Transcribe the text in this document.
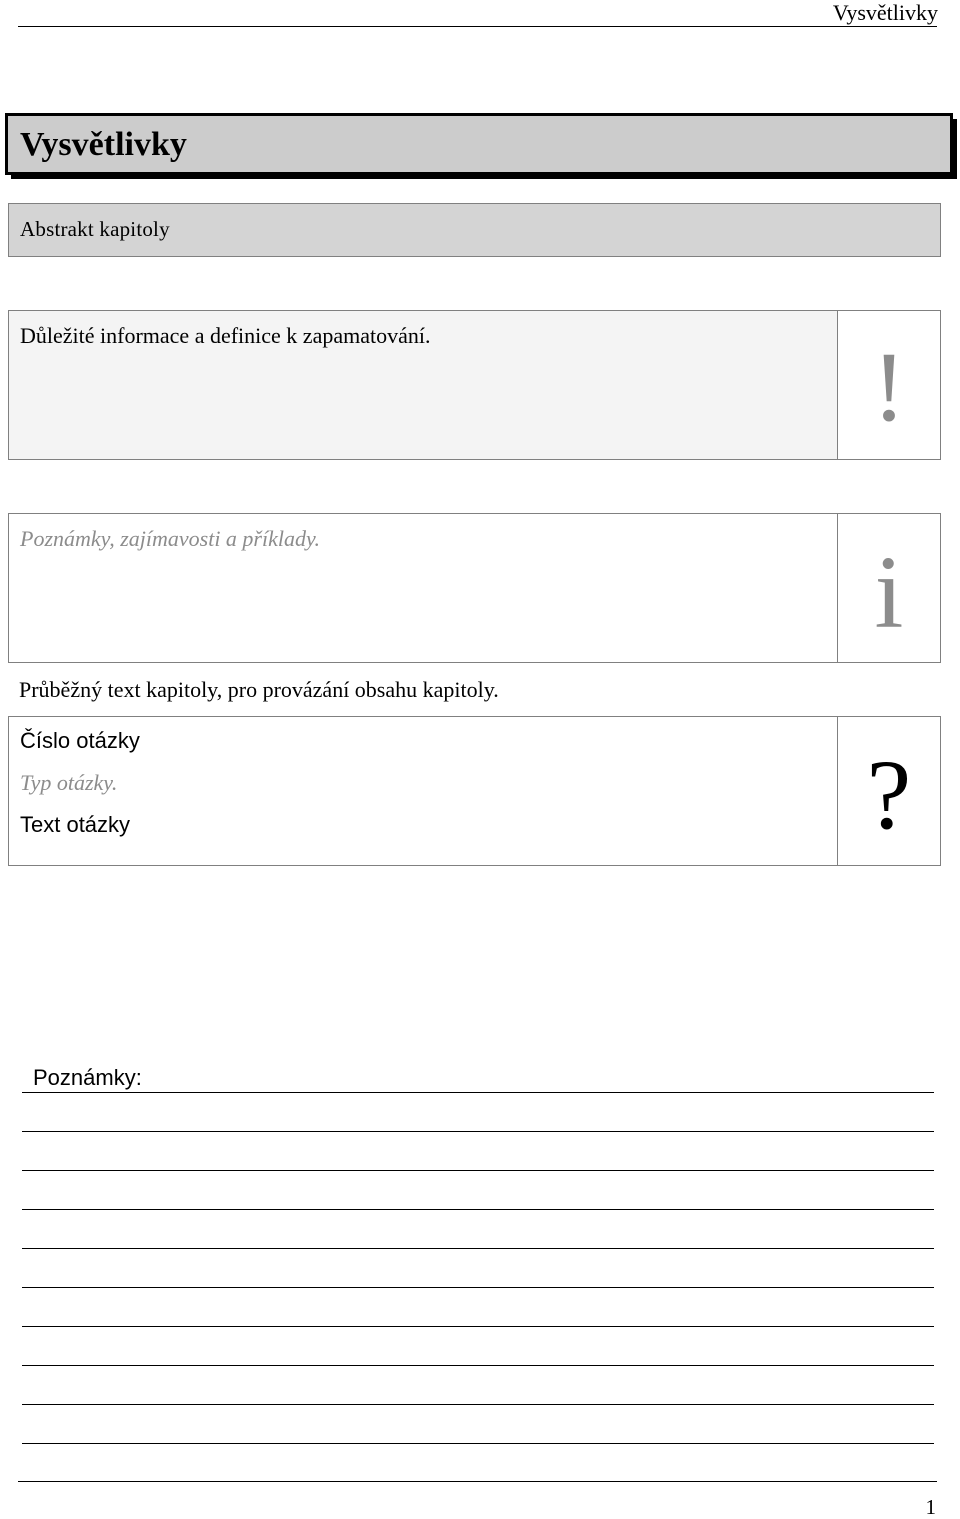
Vysvětlivky
Vysvětlivky
Abstrakt kapitoly
Důležité informace a definice k zapamatování.	!
Poznámky, zajímavosti a příklady.	i
Průběžný text kapitoly, pro provázání obsahu kapitoly.
Číslo otázky
Typ otázky.
Text otázky	?
Poznámky:
1
